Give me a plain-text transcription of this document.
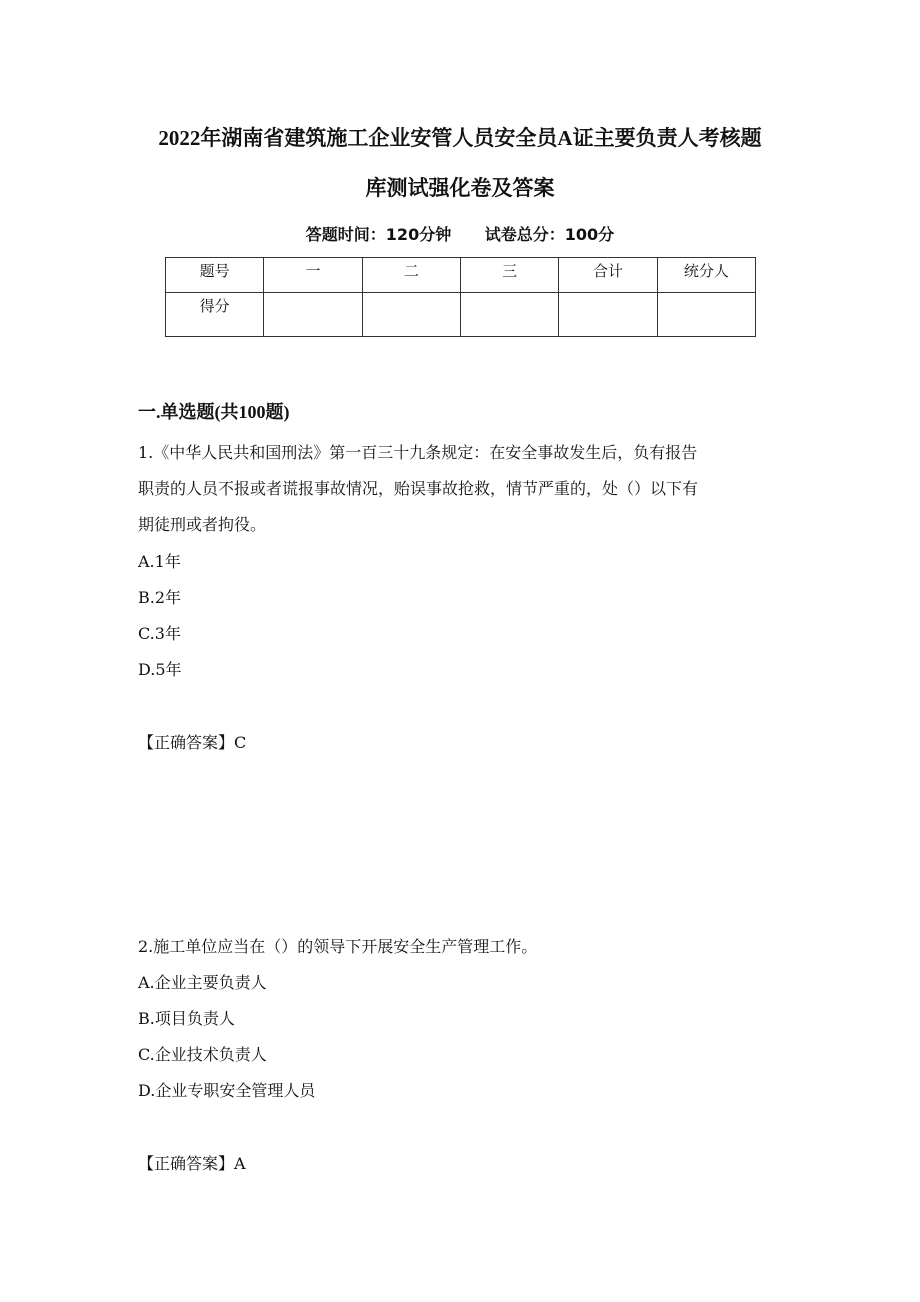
2022年湖南省建筑施工企业安管人员安全员A证主要负责人考核题
库测试强化卷及答案
答题时间：120分钟 试卷总分：100分
题号	一	二	三	合计	统分人
得分					
一.单选题(共100题)
1.《中华人民共和国刑法》第一百三十九条规定：在安全事故发生后，负有报告
职责的人员不报或者谎报事故情况，贻误事故抢救，情节严重的，处（）以下有
期徒刑或者拘役。
A.1年
B.2年
C.3年
D.5年
【正确答案】C
2.施工单位应当在（）的领导下开展安全生产管理工作。
A.企业主要负责人
B.项目负责人
C.企业技术负责人
D.企业专职安全管理人员
【正确答案】A
